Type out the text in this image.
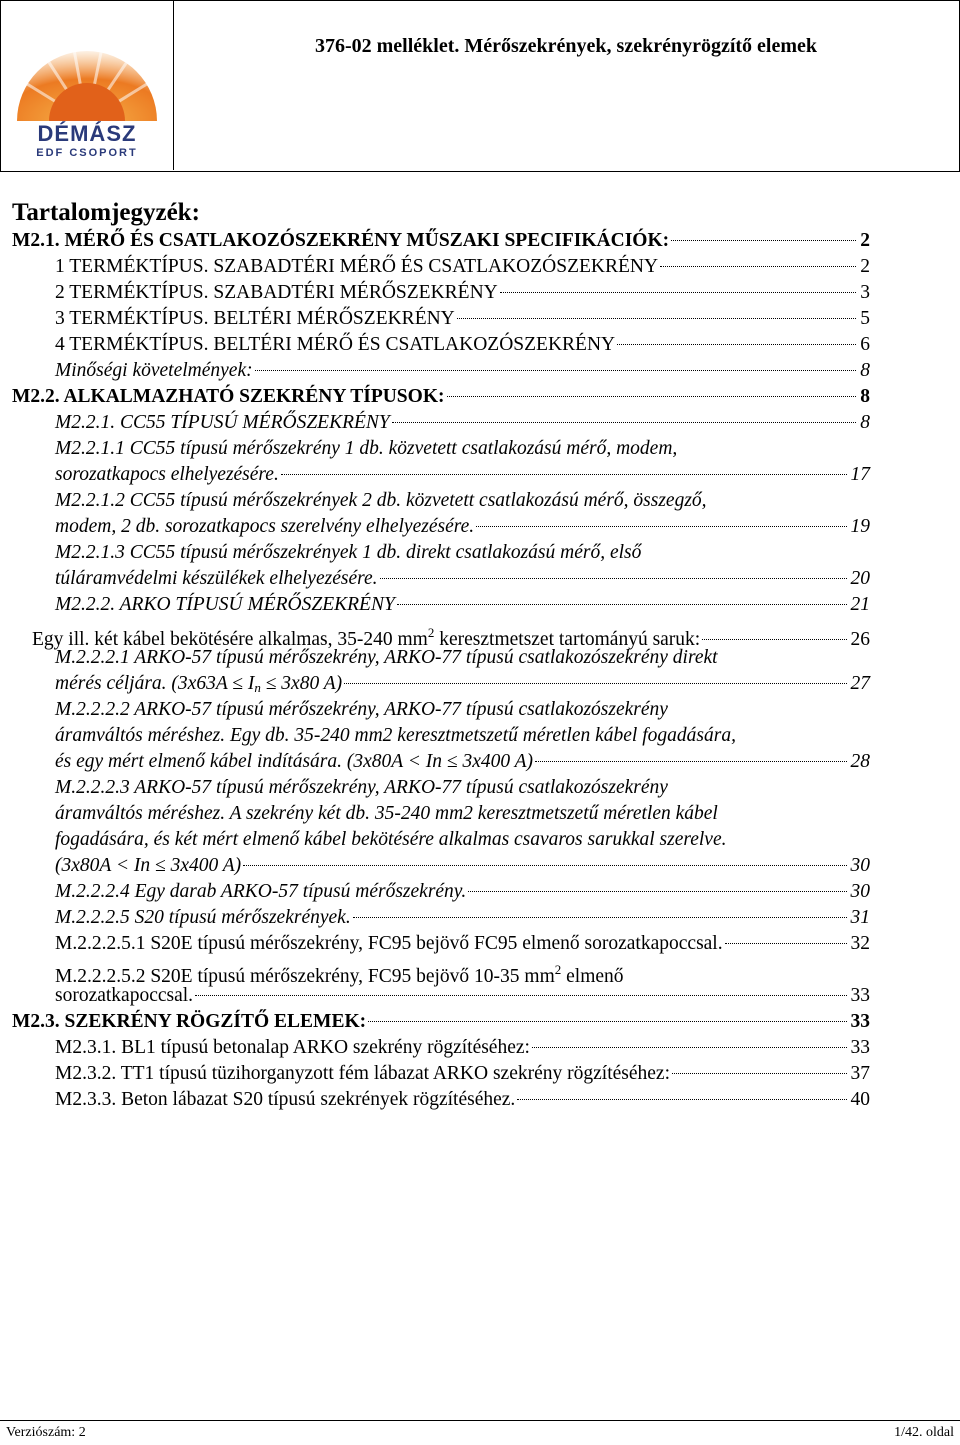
DÉMÁSZ
EDF CSOPORT
376-02 melléklet. Mérőszekrények, szekrényrögzítő elemek
Tartalomjegyzék:
M2.1. MÉRŐ ÉS CSATLAKOZÓSZEKRÉNY MŰSZAKI SPECIFIKÁCIÓK:	2
1 TERMÉKTÍPUS. SZABADTÉRI MÉRŐ ÉS CSATLAKOZÓSZEKRÉNY	2
2 TERMÉKTÍPUS. SZABADTÉRI MÉRŐSZEKRÉNY	3
3 TERMÉKTÍPUS. BELTÉRI MÉRŐSZEKRÉNY	5
4 TERMÉKTÍPUS. BELTÉRI MÉRŐ ÉS CSATLAKOZÓSZEKRÉNY	6
Minőségi követelmények:	8
M2.2. ALKALMAZHATÓ SZEKRÉNY TÍPUSOK:	8
M2.2.1. CC55 TÍPUSÚ MÉRŐSZEKRÉNY	8
M2.2.1.1 CC55 típusú mérőszekrény 1 db. közvetett csatlakozású mérő, modem,
sorozatkapocs elhelyezésére.	17
M2.2.1.2 CC55 típusú mérőszekrények 2 db. közvetett csatlakozású mérő, összegző,
modem, 2 db. sorozatkapocs szerelvény elhelyezésére.	19
M2.2.1.3 CC55 típusú mérőszekrények 1 db. direkt csatlakozású mérő, első
túláramvédelmi készülékek elhelyezésére.	20
M2.2.2. ARKO TÍPUSÚ MÉRŐSZEKRÉNY	21
Egy ill. két kábel bekötésére alkalmas, 35-240 $mm^2$ keresztmetszet tartományú saruk:	26
M.2.2.2.1 ARKO-57 típusú mérőszekrény, ARKO-77 típusú csatlakozószekrény direkt
mérés céljára. ($3x63A \le I_n \le 3x80$ A)	27
M.2.2.2.2 ARKO-57 típusú mérőszekrény, ARKO-77 típusú csatlakozószekrény
áramváltós méréshez. Egy db. 35-240 mm2 keresztmetszetű méretlen kábel fogadására,
és egy mért elmenő kábel indítására. (3x80A < In ≤ 3x400 A)	28
M.2.2.2.3 ARKO-57 típusú mérőszekrény, ARKO-77 típusú csatlakozószekrény
áramváltós méréshez. A szekrény két db. 35-240 mm2 keresztmetszetű méretlen kábel
fogadására, és két mért elmenő kábel bekötésére alkalmas csavaros sarukkal szerelve.
(3x80A < In ≤ 3x400 A)	30
M.2.2.2.4 Egy darab ARKO-57 típusú mérőszekrény.	30
M.2.2.2.5 S20 típusú mérőszekrények.	31
M.2.2.2.5.1 S20E típusú mérőszekrény, FC95 bejövő FC95 elmenő sorozatkapoccsal.	32
M.2.2.2.5.2 S20E típusú mérőszekrény, FC95 bejövő 10-35 $mm^2$ elmenő
sorozatkapoccsal.	33
M2.3. SZEKRÉNY RÖGZÍTŐ ELEMEK:	33
M2.3.1. BL1 típusú betonalap ARKO szekrény rögzítéséhez:	33
M2.3.2. TT1 típusú tüzihorganyzott fém lábazat ARKO szekrény rögzítéséhez:	37
M2.3.3. Beton lábazat S20 típusú szekrények rögzítéséhez.	40
Verziószám: 2	1/42. oldal
